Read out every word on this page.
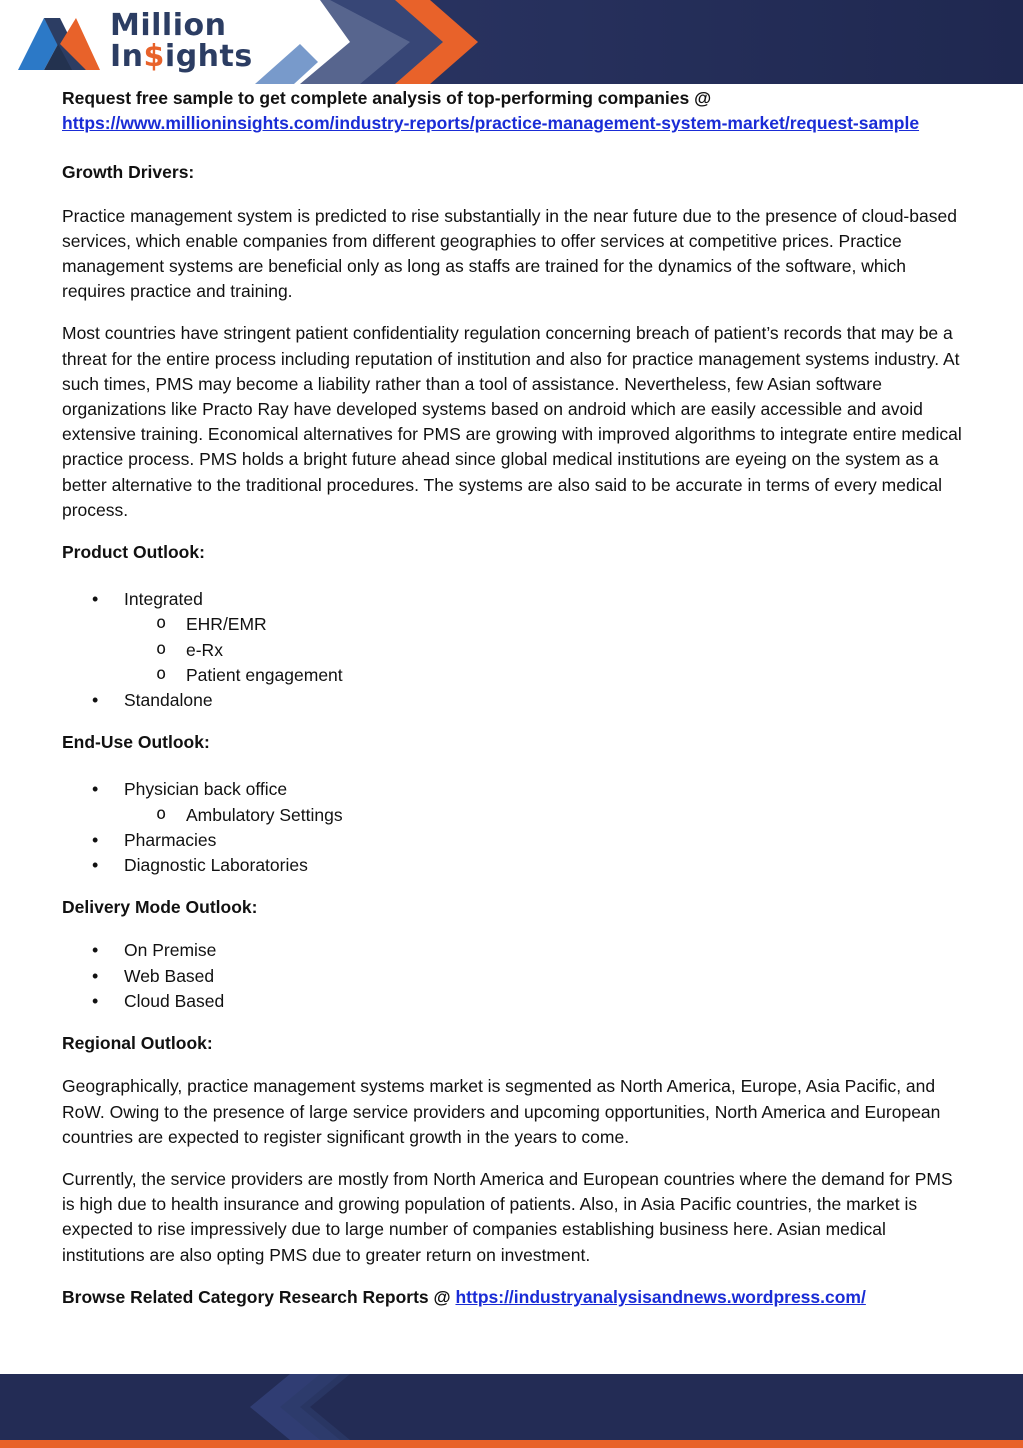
Million
In$ights

Request free sample to get complete analysis of top-performing companies @
https://www.millioninsights.com/industry-reports/practice-management-system-market/request-sample

Growth Drivers:

Practice management system is predicted to rise substantially in the near future due to the presence of cloud-based services, which enable companies from different geographies to offer services at competitive prices. Practice management systems are beneficial only as long as staffs are trained for the dynamics of the software, which requires practice and training.

Most countries have stringent patient confidentiality regulation concerning breach of patient’s records that may be a threat for the entire process including reputation of institution and also for practice management systems industry. At such times, PMS may become a liability rather than a tool of assistance. Nevertheless, few Asian software organizations like Practo Ray have developed systems based on android which are easily accessible and avoid extensive training. Economical alternatives for PMS are growing with improved algorithms to integrate entire medical practice process. PMS holds a bright future ahead since global medical institutions are eyeing on the system as a better alternative to the traditional procedures. The systems are also said to be accurate in terms of every medical process.

Product Outlook:

• Integrated
o EHR/EMR
o e-Rx
o Patient engagement
• Standalone

End-Use Outlook:

• Physician back office
o Ambulatory Settings
• Pharmacies
• Diagnostic Laboratories

Delivery Mode Outlook:

• On Premise
• Web Based
• Cloud Based

Regional Outlook:

Geographically, practice management systems market is segmented as North America, Europe, Asia Pacific, and RoW. Owing to the presence of large service providers and upcoming opportunities, North America and European countries are expected to register significant growth in the years to come.

Currently, the service providers are mostly from North America and European countries where the demand for PMS is high due to health insurance and growing population of patients. Also, in Asia Pacific countries, the market is expected to rise impressively due to large number of companies establishing business here. Asian medical institutions are also opting PMS due to greater return on investment.

Browse Related Category Research Reports @ https://industryanalysisandnews.wordpress.com/
